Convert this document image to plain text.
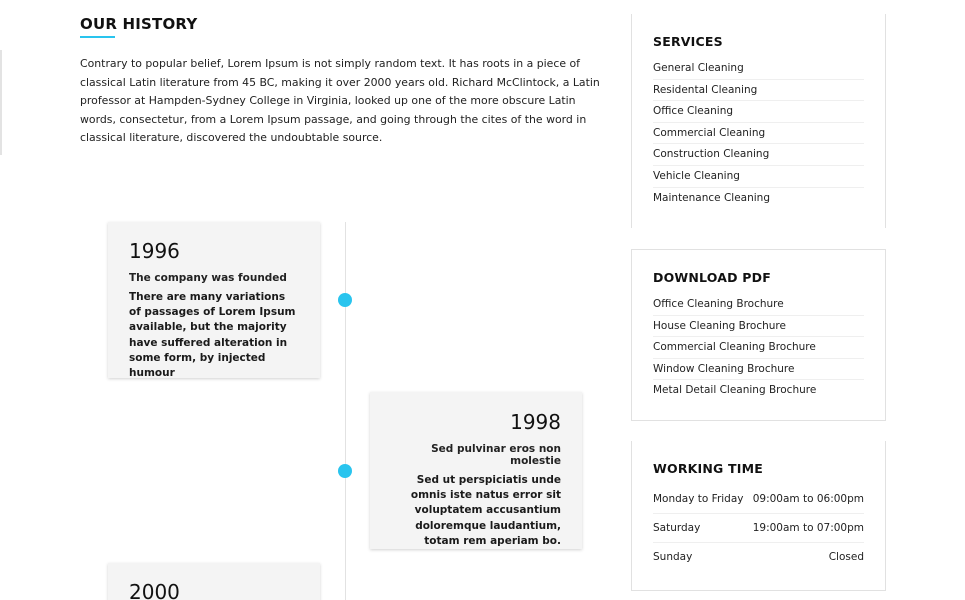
OUR HISTORY
Contrary to popular belief, Lorem Ipsum is not simply random text. It has roots in a piece of classical Latin literature from 45 BC, making it over 2000 years old. Richard McClintock, a Latin professor at Hampden-Sydney College in Virginia, looked up one of the more obscure Latin words, consectetur, from a Lorem Ipsum passage, and going through the cites of the word in classical literature, discovered the undoubtable source.
1996
The company was founded
There are many variations of passages of Lorem Ipsum available, but the majority have suffered alteration in some form, by injected humour
1998
Sed pulvinar eros non molestie
Sed ut perspiciatis unde omnis iste natus error sit voluptatem accusantium doloremque laudantium, totam rem aperiam bo.
2000
SERVICES
General Cleaning
Residental Cleaning
Office Cleaning
Commercial Cleaning
Construction Cleaning
Vehicle Cleaning
Maintenance Cleaning
DOWNLOAD PDF
Office Cleaning Brochure
House Cleaning Brochure
Commercial Cleaning Brochure
Window Cleaning Brochure
Metal Detail Cleaning Brochure
WORKING TIME
Monday to Friday 09:00am to 06:00pm
Saturday	19:00am to 07:00pm
Sunday	Closed
